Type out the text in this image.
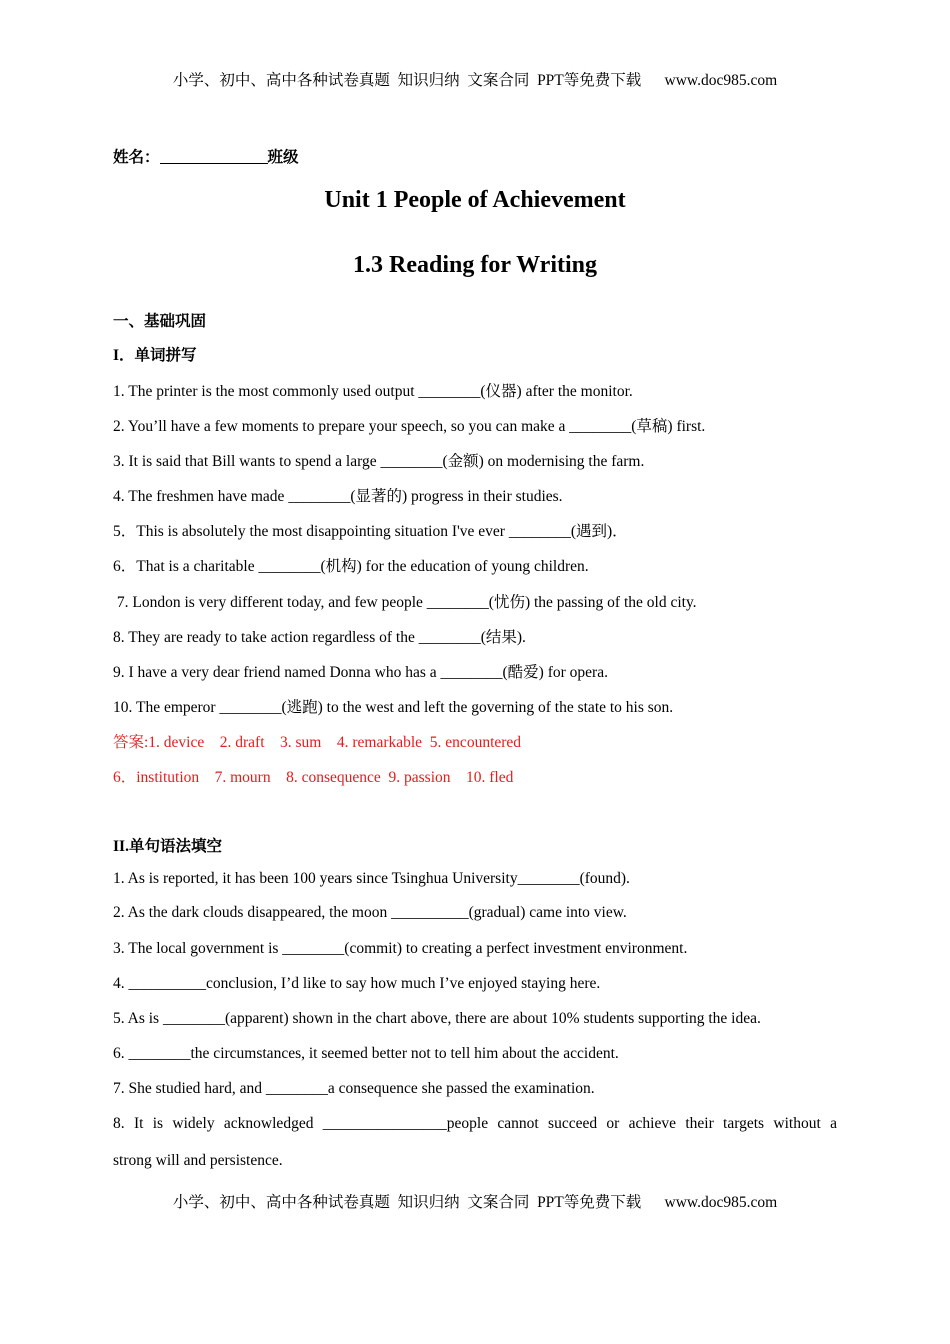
小学、初中、高中各种试卷真题  知识归纳  文案合同  PPT等免费下载      www.doc985.com
姓名：	班级
Unit 1 People of Achievement
1.3 Reading for Writing
一、基础巩固
I．单词拼写
1. The printer is the most commonly used output ________(仪器) after the monitor.
2. You’ll have a few moments to prepare your speech, so you can make a ________(草稿) first.
3. It is said that Bill wants to spend a large ________(金额) on modernising the farm.
4. The freshmen have made ________(显著的) progress in their studies.
5．This is absolutely the most disappointing situation I've ever ________(遇到)．
6．That is a charitable ________(机构) for the education of young children.
7. London is very different today, and few people ________(忧伤) the passing of the old city.
8. They are ready to take action regardless of the ________(结果).
9. I have a very dear friend named Donna who has a ________(酷爱) for opera.
10. The emperor ________(逃跑) to the west and left the governing of the state to his son.
答案:1. device    2. draft    3. sum    4. remarkable  5. encountered
6．institution    7. mourn    8. consequence  9. passion    10. fled
II.单句语法填空
1. As is reported, it has been 100 years since Tsinghua University________(found).
2. As the dark clouds disappeared, the moon __________(gradual) came into view.
3. The local government is ________(commit) to creating a perfect investment environment.
4. __________conclusion, I’d like to say how much I’ve enjoyed staying here.
5. As is ________(apparent) shown in the chart above, there are about 10% students supporting the idea.
6. ________the circumstances, it seemed better not to tell him about the accident.
7. She studied hard, and ________a consequence she passed the examination.
8. It is widely acknowledged ________________people cannot succeed or achieve their targets without a
strong will and persistence.
小学、初中、高中各种试卷真题  知识归纳  文案合同  PPT等免费下载      www.doc985.com
